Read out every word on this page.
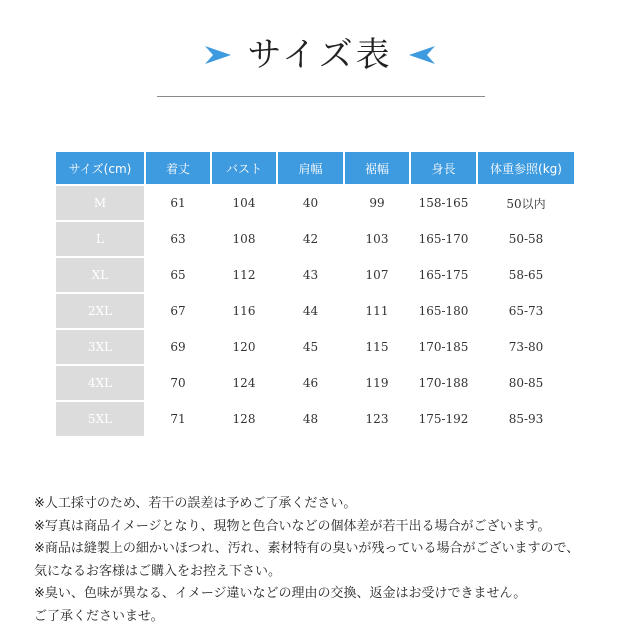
サイズ表
サイズ(cm)	着丈	バスト	肩幅	裾幅	身長	体重参照(kg)
M	61	104	40	99	158-165	50以内
L	63	108	42	103	165-170	50-58
XL	65	112	43	107	165-175	58-65
2XL	67	116	44	111	165-180	65-73
3XL	69	120	45	115	170-185	73-80
4XL	70	124	46	119	170-188	80-85
5XL	71	128	48	123	175-192	85-93
※人工採寸のため、若干の誤差は予めご了承ください。
※写真は商品イメージとなり、現物と色合いなどの個体差が若干出る場合がございます。
※商品は縫製上の細かいほつれ、汚れ、素材特有の臭いが残っている場合がございますので、
気になるお客様はご購入をお控え下さい。
※臭い、色味が異なる、イメージ違いなどの理由の交換、返金はお受けできません。
ご了承くださいませ。
